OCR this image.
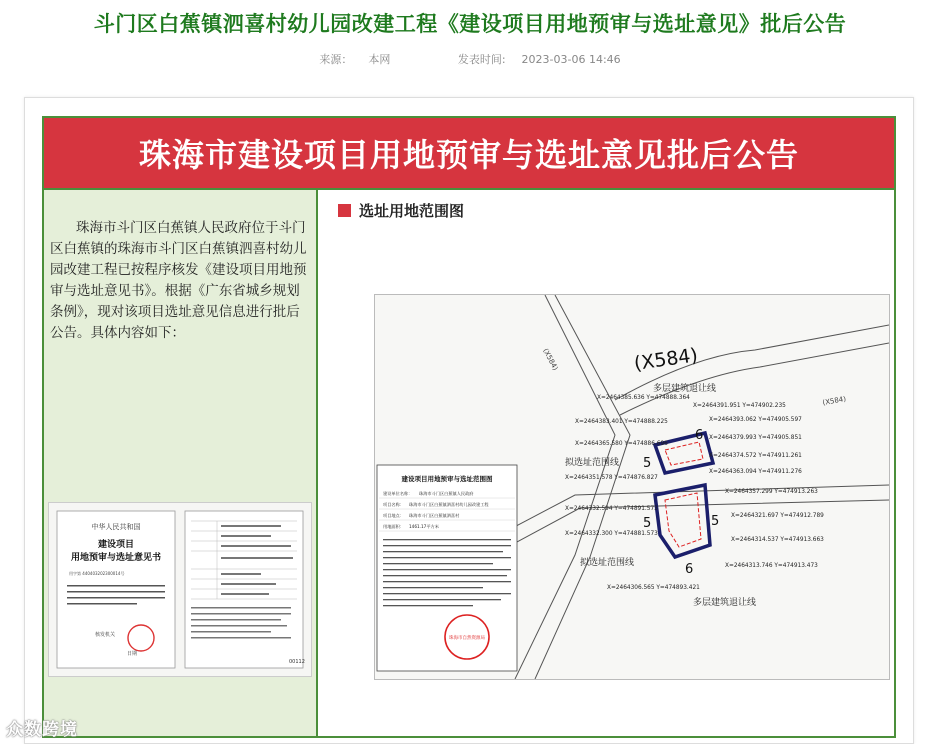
斗门区白蕉镇泗喜村幼儿园改建工程《建设项目用地预审与选址意见》批后公告
来源： 本网	发表时间: 2023-03-06 14:46
珠海市建设项目用地预审与选址意见批后公告

珠海市斗门区白蕉镇人民政府位于斗门区白蕉镇的珠海市斗门区白蕉镇泗喜村幼儿园改建工程已按程序核发《建设项目用地预审与选址意见书》。根据《广东省城乡规划条例》，现对该项目选址意见信息进行批后公告。具体内容如下：

中华人民共和国
建设项目
用地预审与选址意见书
用字第 440403202300014号
核发机关
日期
00112
选址用地范围图
(X584)
(X584)
(X584)
5
6
5	5
6
多层建筑退让线
拟选址范围线
拟选址范围线
多层建筑退让线
X=2464385.636 Y=474888.364
X=2464391.951 Y=474902.235
X=2464383.401 Y=474888.225	X=2464393.062 Y=474905.597
X=2464365.580 Y=474886.696
X=2464379.993 Y=474905.851
X=2464374.572 Y=474911.261
X=2464363.094 Y=474911.276
X=2464351.578 Y=474876.827
X=2464357.299 Y=474913.263
X=2464332.594 Y=474891.573
X=2464321.697 Y=474912.789
X=2464332.300 Y=474881.573
X=2464314.537 Y=474913.663
X=2464313.746 Y=474913.473
X=2464306.565 Y=474893.421
建设项目用地预审与选址范围图
建设单位名称： 珠海市斗门区白蕉镇人民政府
项目名称： 珠海市斗门区白蕉镇泗喜村幼儿园改建工程
项目地点： 珠海市斗门区白蕉镇泗喜村
用地面积： 1461.17平方米
珠海市自然资源局
众数跨境
